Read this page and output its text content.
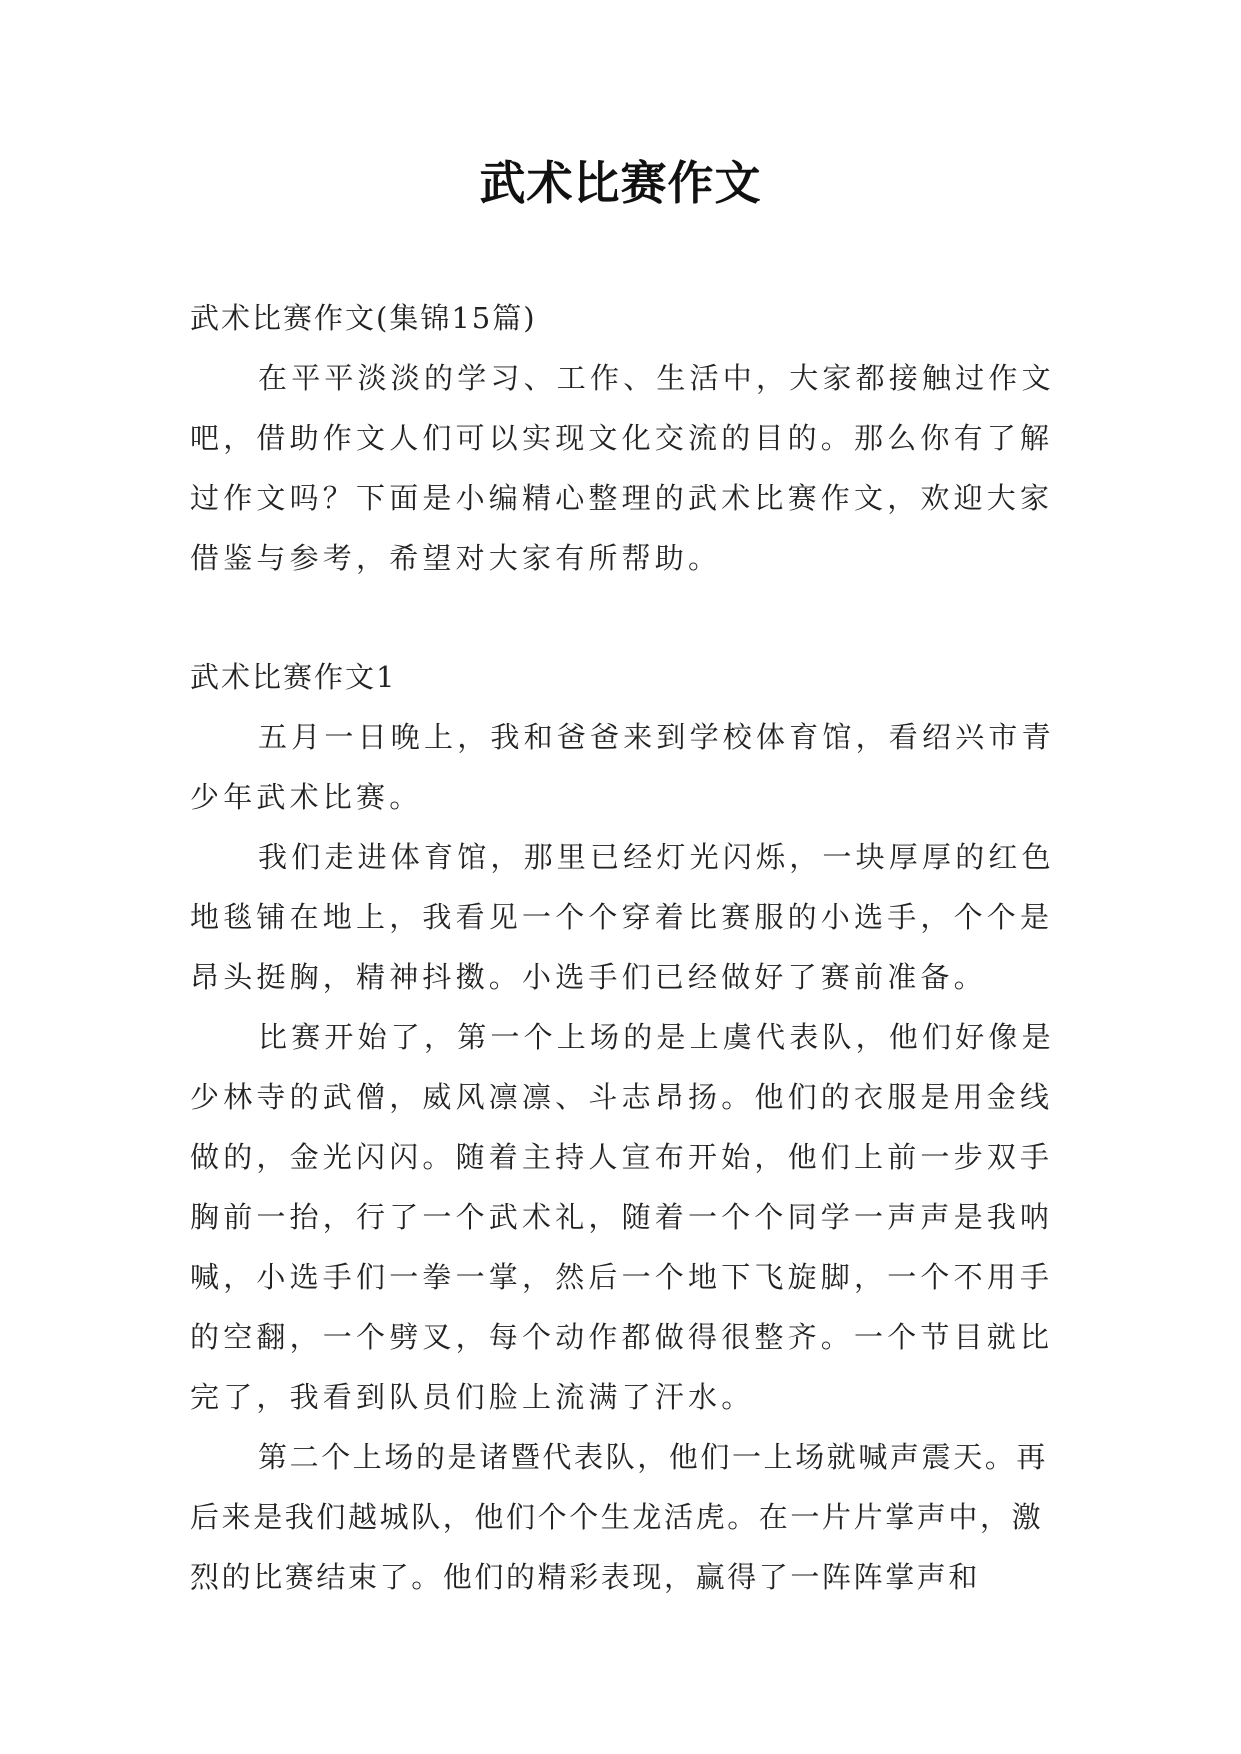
武术比赛作文

武术比赛作文(集锦15篇)

在平平淡淡的学习、工作、生活中，大家都接触过作文吧，借助作文人们可以实现文化交流的目的。那么你有了解过作文吗？下面是小编精心整理的武术比赛作文，欢迎大家借鉴与参考，希望对大家有所帮助。

武术比赛作文1

五月一日晚上，我和爸爸来到学校体育馆，看绍兴市青少年武术比赛。

我们走进体育馆，那里已经灯光闪烁，一块厚厚的红色地毯铺在地上，我看见一个个穿着比赛服的小选手，个个是昂头挺胸，精神抖擞。小选手们已经做好了赛前准备。

比赛开始了，第一个上场的是上虞代表队，他们好像是少林寺的武僧，威风凛凛、斗志昂扬。他们的衣服是用金线做的，金光闪闪。随着主持人宣布开始，他们上前一步双手胸前一抬，行了一个武术礼，随着一个个同学一声声是我呐喊，小选手们一拳一掌，然后一个地下飞旋脚，一个不用手的空翻，一个劈叉，每个动作都做得很整齐。一个节目就比完了，我看到队员们脸上流满了汗水。

第二个上场的是诸暨代表队，他们一上场就喊声震天。再后来是我们越城队，他们个个生龙活虎。在一片片掌声中，激烈的比赛结束了。他们的精彩表现，赢得了一阵阵掌声和
